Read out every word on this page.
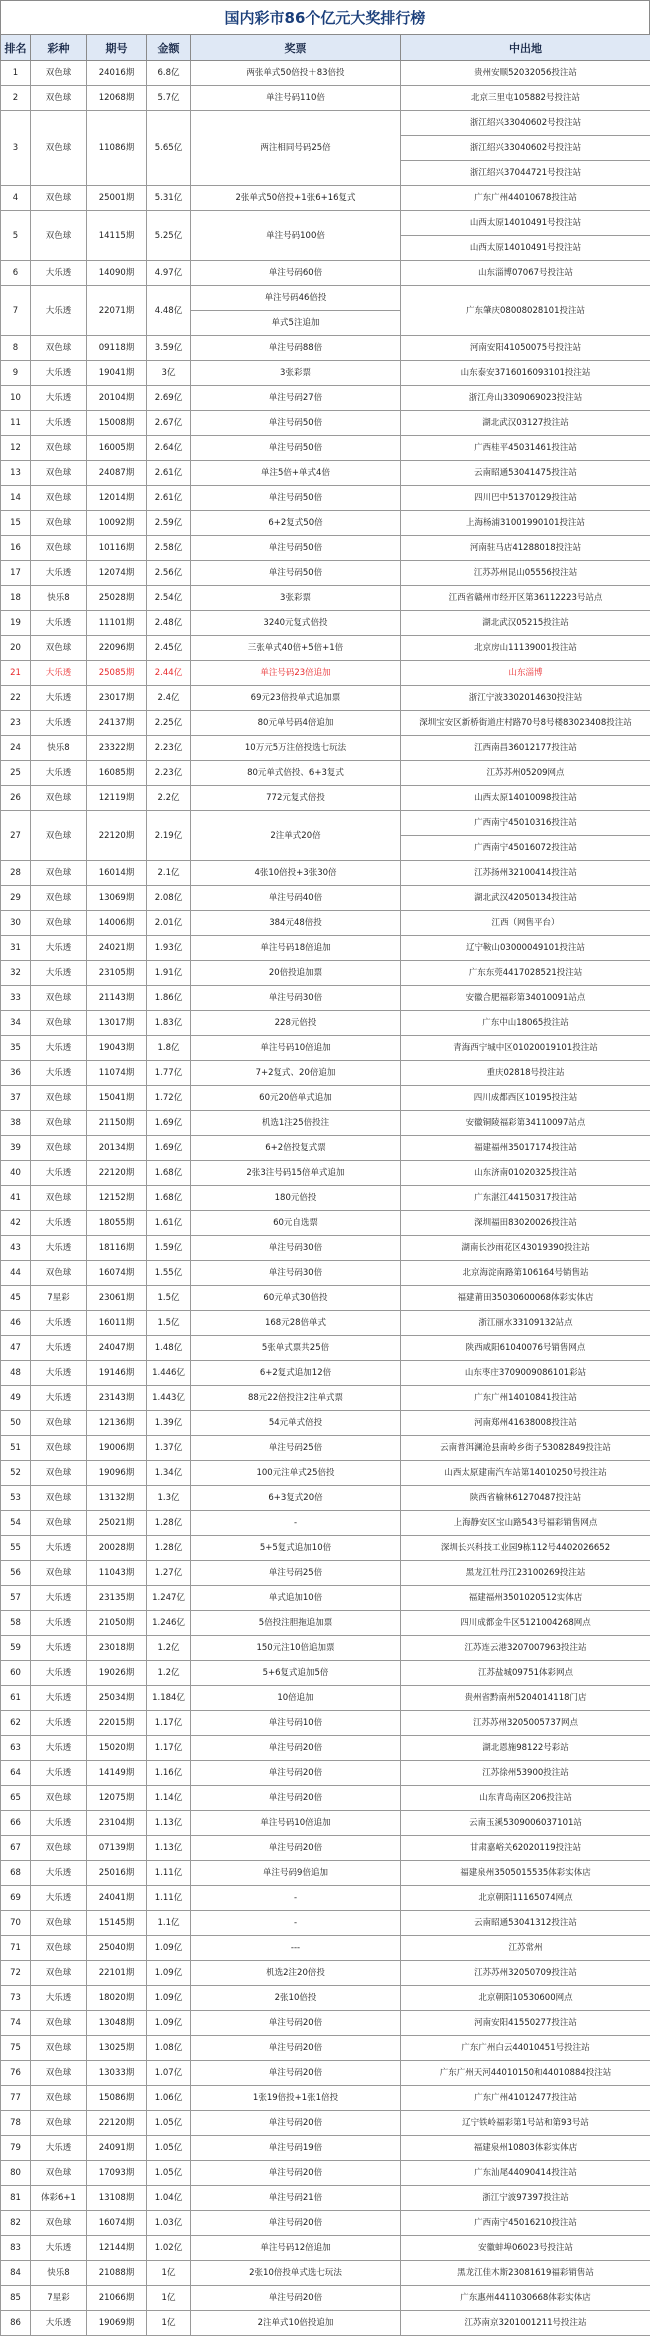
国内彩市86个亿元大奖排行榜
排名	彩种	期号	金额	奖票	中出地
1	双色球	24016期	6.8亿	两张单式50倍投＋83倍投	贵州安顺52032056投注站
2	双色球	12068期	5.7亿	单注号码110倍	北京三里屯105882号投注站
3	双色球	11086期	5.65亿	两注相同号码25倍	浙江绍兴33040602号投注站
					浙江绍兴33040602号投注站
					浙江绍兴37044721号投注站
4	双色球	25001期	5.31亿	2张单式50倍投+1张6+16复式	广东广州44010678投注站
5	双色球	14115期	5.25亿	单注号码100倍	山西太原14010491号投注站
					山西太原14010491号投注站
6	大乐透	14090期	4.97亿	单注号码60倍	山东淄博07067号投注站
7	大乐透	22071期	4.48亿	单注号码46倍投	广东肇庆08008028101投注站
				单式5注追加	
8	双色球	09118期	3.59亿	单注号码88倍	河南安阳41050075号投注站
9	大乐透	19041期	3亿	3张彩票	山东泰安37160160931​01投注站
10	大乐透	20104期	2.69亿	单注号码27倍	浙江舟山3309069023投注站
11	大乐透	15008期	2.67亿	单注号码50倍	湖北武汉03127投注站
12	双色球	16005期	2.64亿	单注号码50倍	广西桂平45031461投注站
13	双色球	24087期	2.61亿	单注5倍+单式4倍	云南昭通53041475投注站
14	双色球	12014期	2.61亿	单注号码50倍	四川巴中51370129投注站
15	双色球	10092期	2.59亿	6+2复式50倍	上海杨浦31001990101投注站
16	双色球	10116期	2.58亿	单注号码50倍	河南驻马店41288018投注站
17	大乐透	12074期	2.56亿	单注号码50倍	江苏苏州昆山05556投注站
18	快乐8	25028期	2.54亿	3张彩票	江西省赣州市经开区第36112223号站点
19	大乐透	11101期	2.48亿	3240元复式倍投	湖北武汉05215投注站
20	双色球	22096期	2.45亿	三张单式40倍+5倍+1倍	北京房山11139001投注站
21	大乐透	25085期	2.44亿	单注号码23倍追加	山东淄博
22	大乐透	23017期	2.4亿	69元23倍投单式追加票	浙江宁波3302014630投注站
23	大乐透	24137期	2.25亿	80元单号码4倍追加	深圳宝安区新桥街道庄村路70号8号楼83023408投注站
24	快乐8	23322期	2.23亿	10万元5万注倍投选七玩法	江西南昌36012177投注站
25	大乐透	16085期	2.23亿	80元单式倍投、6+3复式	江苏苏州05209网点
26	双色球	12119期	2.2亿	772元复式倍投	山西太原14010098投注站
27	双色球	22120期	2.19亿	2注单式20倍	广西南宁45010316投注站
					广西南宁45016072投注站
28	双色球	16014期	2.1亿	4张10倍投+3张30倍	江苏扬州32100414投注站
29	双色球	13069期	2.08亿	单注号码40倍	湖北武汉42050134投注站
30	双色球	14006期	2.01亿	384元48倍投	江西（网售平台）
31	大乐透	24021期	1.93亿	单注号码18倍追加	辽宁鞍山03000049101投注站
32	大乐透	23105期	1.91亿	20倍投追加票	广东东莞441702852​1投注站
33	双色球	21143期	1.86亿	单注号码30倍	安徽合肥福彩第34010091站点
34	双色球	13017期	1.83亿	228元倍投	广东中山18065投注站
35	大乐透	19043期	1.8亿	单注号码10倍追加	青海西宁城中区01020019101投注站
36	大乐透	11074期	1.77亿	7+2复式、20倍追加	重庆02818号投注站
37	双色球	15041期	1.72亿	60元20倍单式追加	四川成都西区10195投注站
38	双色球	21150期	1.69亿	机选1注25倍投注	安徽铜陵福彩第34110097站点
39	双色球	20134期	1.69亿	6+2倍投复式票	福建福州35017174投注站
40	大乐透	22120期	1.68亿	2张3注号码15倍单式追加	山东济南01020325投注站
41	双色球	12152期	1.68亿	180元倍投	广东湛江44150317投注站
42	大乐透	18055期	1.61亿	60元自选票	深圳福田83020026投注站
43	大乐透	18116期	1.59亿	单注号码30倍	湖南长沙雨花区43019390投注站
44	双色球	16074期	1.55亿	单注号码30倍	北京海淀南路第106164号销售站
45	7星彩	23061期	1.5亿	60元单式30倍投	福建莆田35030600068体彩实体店
46	大乐透	16011期	1.5亿	168元28倍单式	浙江丽水33109132站点
47	大乐透	24047期	1.48亿	5张单式票共25倍	陕西咸阳61040076号销售网点
48	大乐透	19146期	1.446亿	6+2复式追加12倍	山东枣庄370900908​6101彩站
49	大乐透	23143期	1.443亿	88元22倍投注2注单式票	广东广州14010841投注站
50	双色球	12136期	1.39亿	54元单式倍投	河南郑州41638008投注站
51	双色球	19006期	1.37亿	单注号码25倍	云南普洱澜沧县南岭乡街子53082849投注站
52	双色球	19096期	1.34亿	100元注单式25倍投	山西太原建南汽车站第14010250号投注站
53	双色球	13132期	1.3亿	6+3复式20倍	陕西省榆林61270487投注站
54	双色球	25021期	1.28亿	-	上海静安区宝山路543号福彩销售网点
55	大乐透	20028期	1.28亿	5+5复式追加10倍	深圳长兴科技工业园9栋112号4402026652
56	双色球	11043期	1.27亿	单注号码25倍	黑龙江牡丹江23100269投注站
57	大乐透	23135期	1.247亿	单式追加10倍	福建福州35010205​12实体店
58	大乐透	21050期	1.246亿	5倍投注胆拖追加票	四川成都金牛区5121004268网点
59	大乐透	23018期	1.2亿	150元注10倍追加票	江苏连云港3207007963投注站
60	大乐透	19026期	1.2亿	5+6复式追加5倍	江苏盐城09751体彩网点
61	大乐透	25034期	1.184亿	10倍追加	贵州省黔南州52040141​18门店
62	大乐透	22015期	1.17亿	单注号码10倍	江苏苏州3205005737网点
63	大乐透	15020期	1.17亿	单注号码20倍	湖北恩施98122号彩站
64	大乐透	14149期	1.16亿	单注号码20倍	江苏徐州53900投注站
65	双色球	12075期	1.14亿	单注号码20倍	山东青岛南区206投注站
66	大乐透	23104期	1.13亿	单注号码10倍追加	云南玉溪5309006037101站
67	双色球	07139期	1.13亿	单注号码20倍	甘肃嘉峪关62020119投注站
68	大乐透	25016期	1.11亿	单注号码9倍追加	福建泉州35050155​35体彩实体店
69	大乐透	24041期	1.11亿	-	北京朝阳11165074网点
70	双色球	15145期	1.1亿	-	云南昭通53041312投注站
71	双色球	25040期	1.09亿	---	江苏常州
72	双色球	22101期	1.09亿	机选2注20倍投	江苏苏州32050709投注站
73	大乐透	18020期	1.09亿	2张10倍投	北京朝阳10530600网点
74	双色球	13048期	1.09亿	单注号码20倍	河南安阳41550277投注站
75	双色球	13025期	1.08亿	单注号码20倍	广东广州白云44010451号投注站
76	双色球	13033期	1.07亿	单注号码20倍	广东广州天河44010150和44010884投注站
77	双色球	15086期	1.06亿	1张19倍投+1张1倍投	广东广州41012477投注站
78	双色球	22120期	1.05亿	单注号码20倍	辽宁铁岭福彩第1号站和第93号站
79	大乐透	24091期	1.05亿	单注号码19倍	福建泉州10803体彩实体店
80	双色球	17093期	1.05亿	单注号码20倍	广东汕尾44090414投注站
81	体彩6+1	13108期	1.04亿	单注号码21倍	浙江宁波97397投注站
82	双色球	16074期	1.03亿	单注号码20倍	广西南宁45016210投注站
83	大乐透	12144期	1.02亿	单注号码12倍追加	安徽蚌埠06023号投注站
84	快乐8	21088期	1亿	2张10倍投单式选七玩法	黑龙江佳木斯23081619福彩销售站
85	7星彩	21066期	1亿	单注号码20倍	广东惠州4411030668体彩实体店
86	大乐透	19069期	1亿	2注单式10倍投追加	江苏南京3201001211号投注站
